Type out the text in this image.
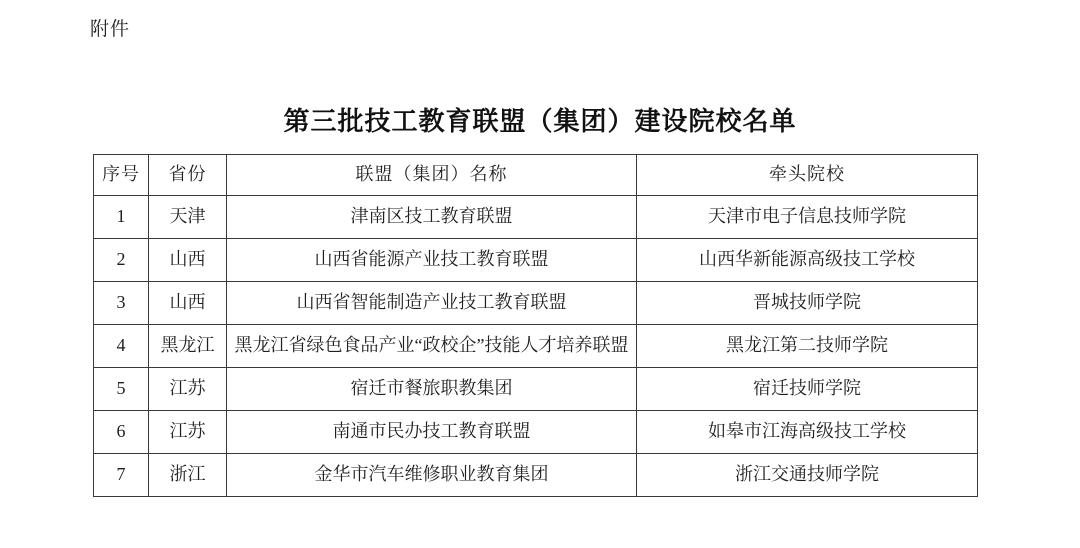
附件
第三批技工教育联盟（集团）建设院校名单
序号	省份	联盟（集团）名称	牵头院校
1	天津	津南区技工教育联盟	天津市电子信息技师学院
2	山西	山西省能源产业技工教育联盟	山西华新能源高级技工学校
3	山西	山西省智能制造产业技工教育联盟	晋城技师学院
4	黑龙江	黑龙江省绿色食品产业“政校企”技能人才培养联盟	黑龙江第二技师学院
5	江苏	宿迁市餐旅职教集团	宿迁技师学院
6	江苏	南通市民办技工教育联盟	如皋市江海高级技工学校
7	浙江	金华市汽车维修职业教育集团	浙江交通技师学院
